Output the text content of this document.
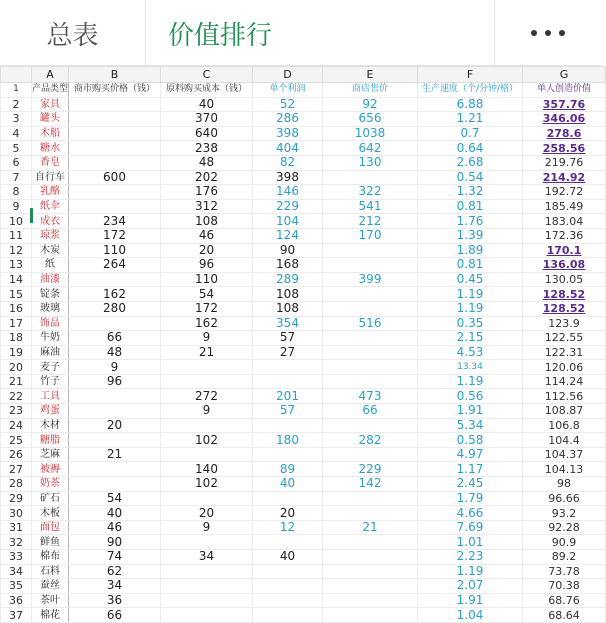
总表	价值排行
	A	B	C	D	E	F	G
1	产品类型	商市购买价格（钱）	原料购买成本（钱）	单个利润	商店售价	生产速度（个/分钟/格）	单人创造价值
2	家具		40	52	92	6.88	357.76
3	罐头		370	286	656	1.21	346.06
4	木船		640	398	1038	0.7	278.6
5	糖水		238	404	642	0.64	258.56
6	香皂		48	82	130	2.68	219.76
7	自行车	600	202	398		0.54	214.92
8	乳酪		176	146	322	1.32	192.72
9	纸伞		312	229	541	0.81	185.49
10	成衣	234	108	104	212	1.76	183.04
11	琼浆	172	46	124	170	1.39	172.36
12	木炭	110	20	90		1.89	170.1
13	纸	264	96	168		0.81	136.08
14	油漆		110	289	399	0.45	130.05
15	锭条	162	54	108		1.19	128.52
16	玻璃	280	172	108		1.19	128.52
17	饰品		162	354	516	0.35	123.9
18	牛奶	66	9	57		2.15	122.55
19	麻油	48	21	27		4.53	122.31
20	麦子	9				13.34	120.06
21	竹子	96				1.19	114.24
22	工具		272	201	473	0.56	112.56
23	鸡蛋		9	57	66	1.91	108.87
24	木材	20				5.34	106.8
25	糖脂		102	180	282	0.58	104.4
26	芝麻	21				4.97	104.37
27	被褥		140	89	229	1.17	104.13
28	奶茶		102	40	142	2.45	98
29	矿石	54				1.79	96.66
30	木板	40	20	20		4.66	93.2
31	面包	46	9	12	21	7.69	92.28
32	鲜鱼	90				1.01	90.9
33	棉布	74	34	40		2.23	89.2
34	石料	62				1.19	73.78
35	蚕丝	34				2.07	70.38
36	茶叶	36				1.91	68.76
37	棉花	66				1.04	68.64
